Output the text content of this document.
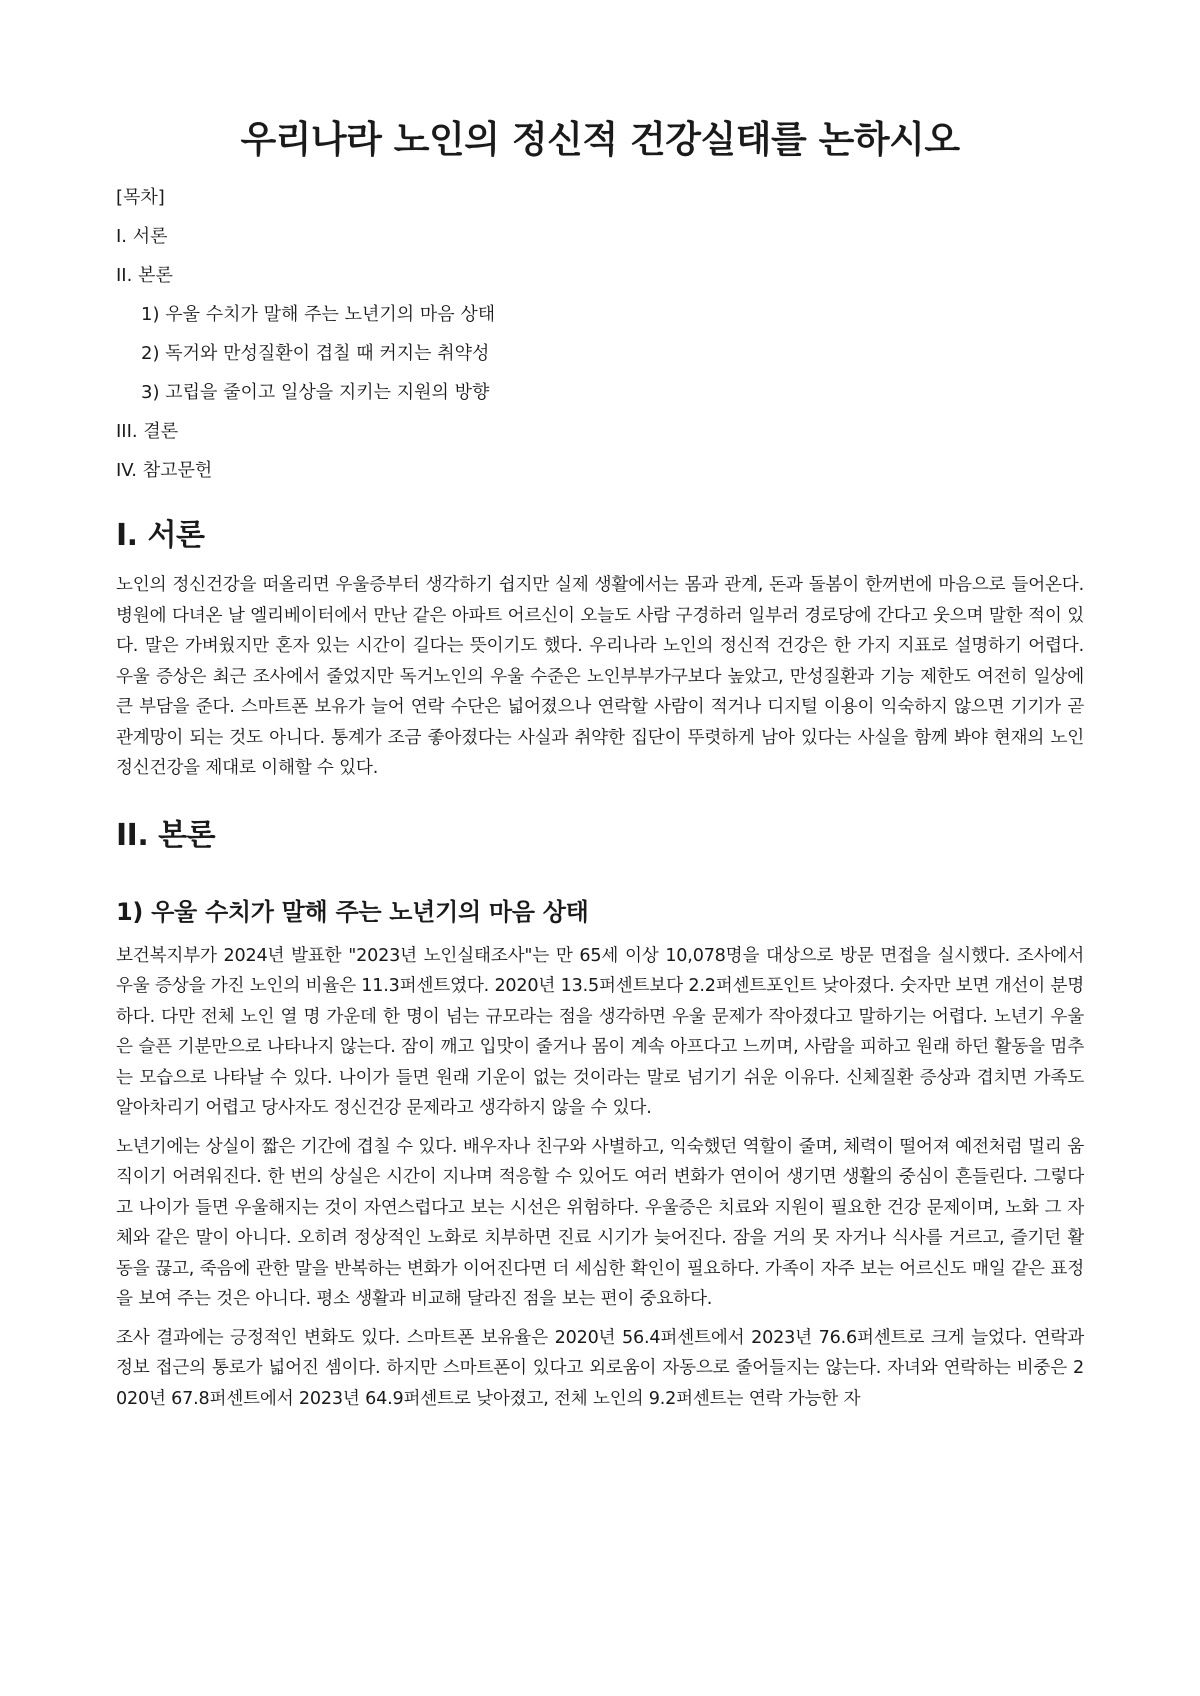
우리나라 노인의 정신적 건강실태를 논하시오
[목차]
I. 서론
II. 본론
1) 우울 수치가 말해 주는 노년기의 마음 상태
2) 독거와 만성질환이 겹칠 때 커지는 취약성
3) 고립을 줄이고 일상을 지키는 지원의 방향
III. 결론
IV. 참고문헌
I. 서론

노인의 정신건강을 떠올리면 우울증부터 생각하기 쉽지만 실제 생활에서는 몸과 관계, 돈과 돌봄이 한꺼번에 마음으로 들어온다. 병원에 다녀온 날 엘리베이터에서 만난 같은 아파트 어르신이 오늘도 사람 구경하러 일부러 경로당에 간다고 웃으며 말한 적이 있다. 말은 가벼웠지만 혼자 있는 시간이 길다는 뜻이기도 했다. 우리나라 노인의 정신적 건강은 한 가지 지표로 설명하기 어렵다. 우울 증상은 최근 조사에서 줄었지만 독거노인의 우울 수준은 노인부부가구보다 높았고, 만성질환과 기능 제한도 여전히 일상에 큰 부담을 준다. 스마트폰 보유가 늘어 연락 수단은 넓어졌으나 연락할 사람이 적거나 디지털 이용이 익숙하지 않으면 기기가 곧 관계망이 되는 것도 아니다. 통계가 조금 좋아졌다는 사실과 취약한 집단이 뚜렷하게 남아 있다는 사실을 함께 봐야 현재의 노인 정신건강을 제대로 이해할 수 있다.

II. 본론
1) 우울 수치가 말해 주는 노년기의 마음 상태

보건복지부가 2024년 발표한 "2023년 노인실태조사"는 만 65세 이상 10,078명을 대상으로 방문 면접을 실시했다. 조사에서 우울 증상을 가진 노인의 비율은 11.3퍼센트였다. 2020년 13.5퍼센트보다 2.2퍼센트포인트 낮아졌다. 숫자만 보면 개선이 분명하다. 다만 전체 노인 열 명 가운데 한 명이 넘는 규모라는 점을 생각하면 우울 문제가 작아졌다고 말하기는 어렵다. 노년기 우울은 슬픈 기분만으로 나타나지 않는다. 잠이 깨고 입맛이 줄거나 몸이 계속 아프다고 느끼며, 사람을 피하고 원래 하던 활동을 멈추는 모습으로 나타날 수 있다. 나이가 들면 원래 기운이 없는 것이라는 말로 넘기기 쉬운 이유다. 신체질환 증상과 겹치면 가족도 알아차리기 어렵고 당사자도 정신건강 문제라고 생각하지 않을 수 있다.

노년기에는 상실이 짧은 기간에 겹칠 수 있다. 배우자나 친구와 사별하고, 익숙했던 역할이 줄며, 체력이 떨어져 예전처럼 멀리 움직이기 어려워진다. 한 번의 상실은 시간이 지나며 적응할 수 있어도 여러 변화가 연이어 생기면 생활의 중심이 흔들린다. 그렇다고 나이가 들면 우울해지는 것이 자연스럽다고 보는 시선은 위험하다. 우울증은 치료와 지원이 필요한 건강 문제이며, 노화 그 자체와 같은 말이 아니다. 오히려 정상적인 노화로 치부하면 진료 시기가 늦어진다. 잠을 거의 못 자거나 식사를 거르고, 즐기던 활동을 끊고, 죽음에 관한 말을 반복하는 변화가 이어진다면 더 세심한 확인이 필요하다. 가족이 자주 보는 어르신도 매일 같은 표정을 보여 주는 것은 아니다. 평소 생활과 비교해 달라진 점을 보는 편이 중요하다.

조사 결과에는 긍정적인 변화도 있다. 스마트폰 보유율은 2020년 56.4퍼센트에서 2023년 76.6퍼센트로 크게 늘었다. 연락과 정보 접근의 통로가 넓어진 셈이다. 하지만 스마트폰이 있다고 외로움이 자동으로 줄어들지는 않는다. 자녀와 연락하는 비중은 2020년 67.8퍼센트에서 2023년 64.9퍼센트로 낮아졌고, 전체 노인의 9.2퍼센트는 연락 가능한 자
